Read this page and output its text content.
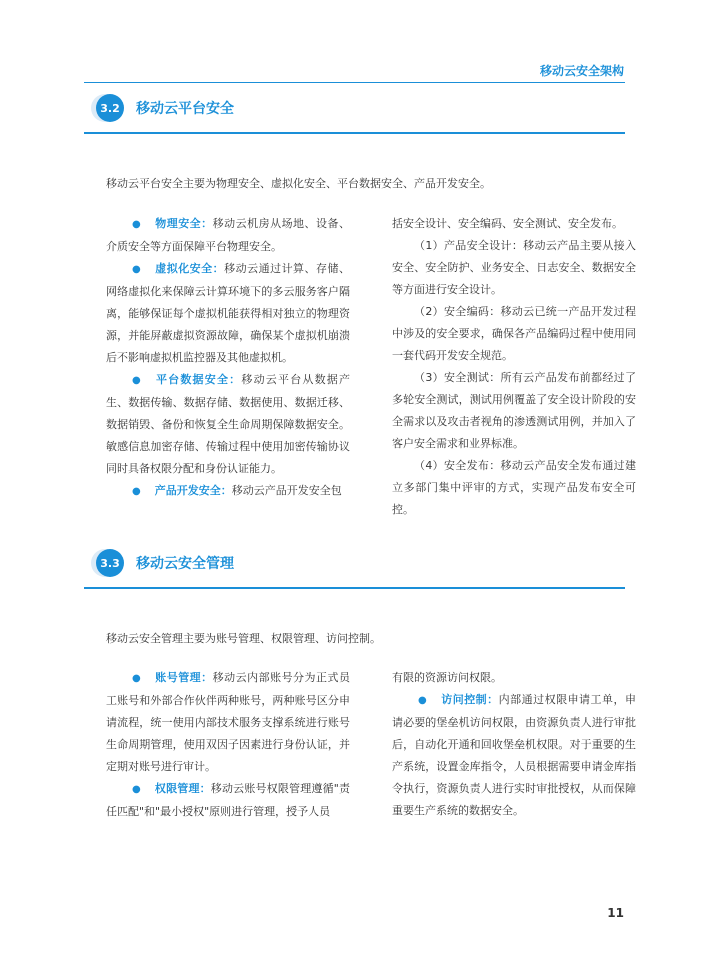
移动云安全架构
3.2	移动云平台安全
移动云平台安全主要为物理安全、虚拟化安全、平台数据安全、产品开发安全。

● 物理安全：移动云机房从场地、设备、介质安全等方面保障平台物理安全。

● 虚拟化安全：移动云通过计算、存储、网络虚拟化来保障云计算环境下的多云服务客户隔离，能够保证每个虚拟机能获得相对独立的物理资源，并能屏蔽虚拟资源故障，确保某个虚拟机崩溃后不影响虚拟机监控器及其他虚拟机。

● 平台数据安全：移动云平台从数据产生、数据传输、数据存储、数据使用、数据迁移、数据销毁、备份和恢复全生命周期保障数据安全。敏感信息加密存储、传输过程中使用加密传输协议同时具备权限分配和身份认证能力。

● 产品开发安全：移动云产品开发安全包

括安全设计、安全编码、安全测试、安全发布。

（1）产品安全设计：移动云产品主要从接入安全、安全防护、业务安全、日志安全、数据安全等方面进行安全设计。

（2）安全编码：移动云已统一产品开发过程中涉及的安全要求，确保各产品编码过程中使用同一套代码开发安全规范。

（3）安全测试：所有云产品发布前都经过了多轮安全测试，测试用例覆盖了安全设计阶段的安全需求以及攻击者视角的渗透测试用例，并加入了客户安全需求和业界标准。

（4）安全发布：移动云产品安全发布通过建立多部门集中评审的方式，实现产品发布安全可控。

3.3	移动云安全管理
移动云安全管理主要为账号管理、权限管理、访问控制。

● 账号管理：移动云内部账号分为正式员工账号和外部合作伙伴两种账号，两种账号区分申请流程，统一使用内部技术服务支撑系统进行账号生命周期管理，使用双因子因素进行身份认证，并定期对账号进行审计。

● 权限管理：移动云账号权限管理遵循"责任匹配"和"最小授权"原则进行管理，授予人员

有限的资源访问权限。

● 访问控制：内部通过权限申请工单，申请必要的堡垒机访问权限，由资源负责人进行审批后，自动化开通和回收堡垒机权限。对于重要的生产系统，设置金库指令，人员根据需要申请金库指令执行，资源负责人进行实时审批授权，从而保障重要生产系统的数据安全。

11
